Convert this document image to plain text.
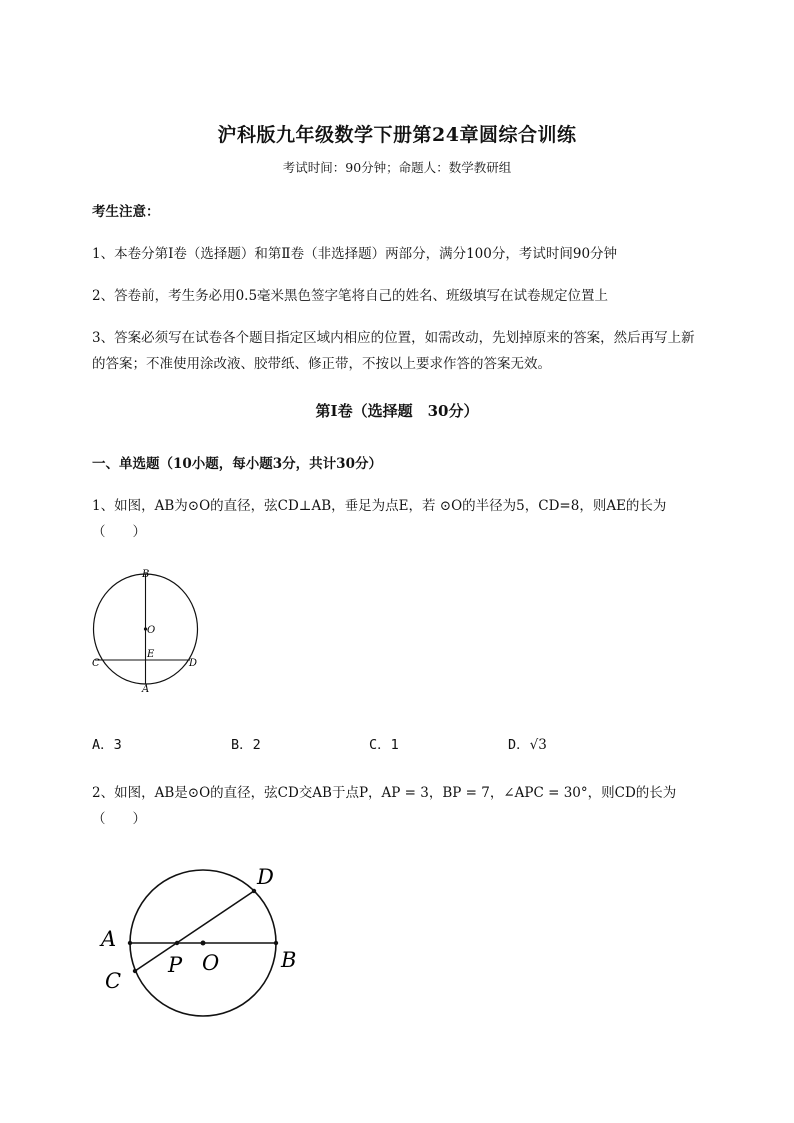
沪科版九年级数学下册第24章圆综合训练
考试时间：90分钟；命题人：数学教研组
考生注意：
1、本卷分第I卷（选择题）和第Ⅱ卷（非选择题）两部分，满分100分，考试时间90分钟
2、答卷前，考生务必用0.5毫米黑色签字笔将自己的姓名、班级填写在试卷规定位置上
3、答案必须写在试卷各个题目指定区域内相应的位置，如需改动，先划掉原来的答案，然后再写上新
的答案；不准使用涂改液、胶带纸、修正带，不按以上要求作答的答案无效。
第I卷（选择题　30分）
一、单选题（10小题，每小题3分，共计30分）
1、如图，AB为⊙O的直径，弦CD⊥AB，垂足为点E，若 ⊙O的半径为5，CD=8，则AE的长为
（　　）
B
O
E
C	D
A
A．3	B．2	C．1	D．√3
2、如图，AB是⊙O的直径，弦CD交AB于点P，AP = 3，BP = 7，∠APC = 30°，则CD的长为
（　　）
D
A
P O	B
C
